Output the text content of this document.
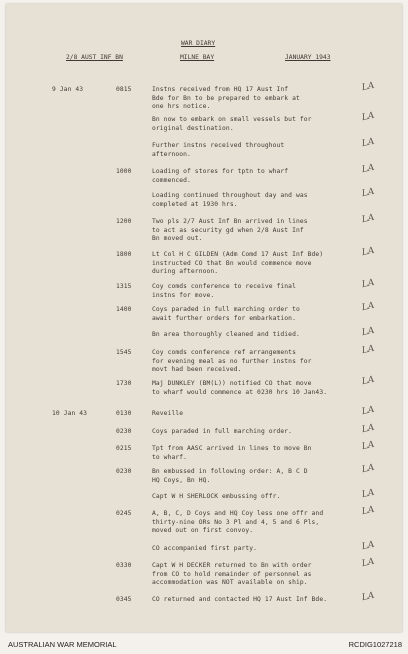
WAR DIARY
2/8 AUST INF BN	MILNE BAY	JANUARY 1943
9 Jan 43	0815	Instns received from HQ 17 Aust Inf
Bde for Bn to be prepared to embark at
one hrs notice.
LA
Bn now to embark on small vessels but for
original destination.
LA
Further instns received throughout
afternoon.
LA
1000	Loading of stores for tptn to wharf
commenced.
LA
Loading continued throughout day and was
completed at 1930 hrs.
LA
1200	Two pls 2/7 Aust Inf Bn arrived in lines
to act as security gd when 2/8 Aust Inf
Bn moved out.
LA
1800	Lt Col H C GILDEN (Adm Comd 17 Aust Inf Bde)
instructed CO that Bn would commence move
during afternoon.
LA
1315	Coy comds conference to receive final
instns for move.
LA
1400	Coys paraded in full marching order to
await further orders for embarkation.
LA
Bn area thoroughly cleaned and tidied.	LA
1545	Coy comds conference ref arrangements
for evening meal as no further instns for
movt had been received.
LA
1730	Maj DUNKLEY (BM(L)) notified CO that move
to wharf would commence at 0230 hrs 10 Jan43.
LA
10 Jan 43	0130	Reveille	LA
0230	Coys paraded in full marching order.	LA
0215	Tpt from AASC arrived in lines to move Bn
to wharf.
LA
0230	Bn embussed in following order: A, B C D
HQ Coys, Bn HQ.
LA
Capt W H SHERLOCK embussing offr.	LA
0245	A, B, C, D Coys and HQ Coy less one offr and
thirty-nine ORs No 3 Pl and 4, 5 and 6 Pls,
moved out on first convoy.
LA
CO accompanied first party.	LA
0330	Capt W H DECKER returned to Bn with order
from CO to hold remainder of personnel as
accommodation was NOT available on ship.
LA
0345	CO returned and contacted HQ 17 Aust Inf Bde.	LA
AUSTRALIAN WAR MEMORIAL	RCDIG1027218
